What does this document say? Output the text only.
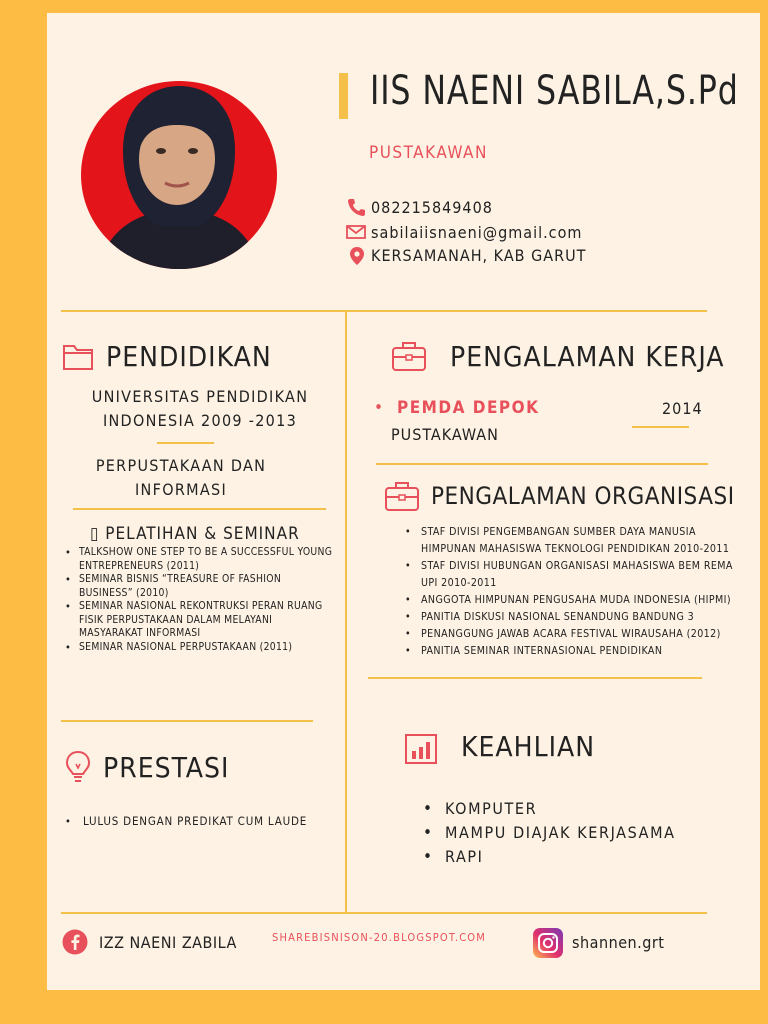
IIS NAENI SABILA,S.Pd
PUSTAKAWAN
082215849408
sabilaiisnaeni@gmail.com
KERSAMANAH, KAB GARUT
PENDIDIKAN
UNIVERSITAS PENDIDIKAN
INDONESIA 2009 -2013
PERPUSTAKAAN DAN
INFORMASI
▯ PELATIHAN & SEMINAR
• TALKSHOW ONE STEP TO BE A SUCCESSFUL YOUNG ENTREPRENEURS (2011)
• SEMINAR BISNIS “TREASURE OF FASHION BUSINESS” (2010)
• SEMINAR NASIONAL REKONTRUKSI PERAN RUANG FISIK PERPUSTAKAAN DALAM MELAYANI MASYARAKAT INFORMASI
• SEMINAR NASIONAL PERPUSTAKAAN (2011)
PRESTASI
• LULUS DENGAN PREDIKAT CUM LAUDE
PENGALAMAN KERJA
• PEMDA DEPOK	2014
PUSTAKAWAN
PENGALAMAN ORGANISASI
• STAF DIVISI PENGEMBANGAN SUMBER DAYA MANUSIA HIMPUNAN MAHASISWA TEKNOLOGI PENDIDIKAN 2010-2011
• STAF DIVISI HUBUNGAN ORGANISASI MAHASISWA BEM REMA UPI 2010-2011
• ANGGOTA HIMPUNAN PENGUSAHA MUDA INDONESIA (HIPMI)
• PANITIA DISKUSI NASIONAL SENANDUNG BANDUNG 3
• PENANGGUNG JAWAB ACARA FESTIVAL WIRAUSAHA (2012)
• PANITIA SEMINAR INTERNASIONAL PENDIDIKAN
KEAHLIAN
• KOMPUTER
• MAMPU DIAJAK KERJASAMA
• RAPI
IZZ NAENI ZABILA	SHAREBISNISON-20.BLOGSPOT.COM	shannen.grt
